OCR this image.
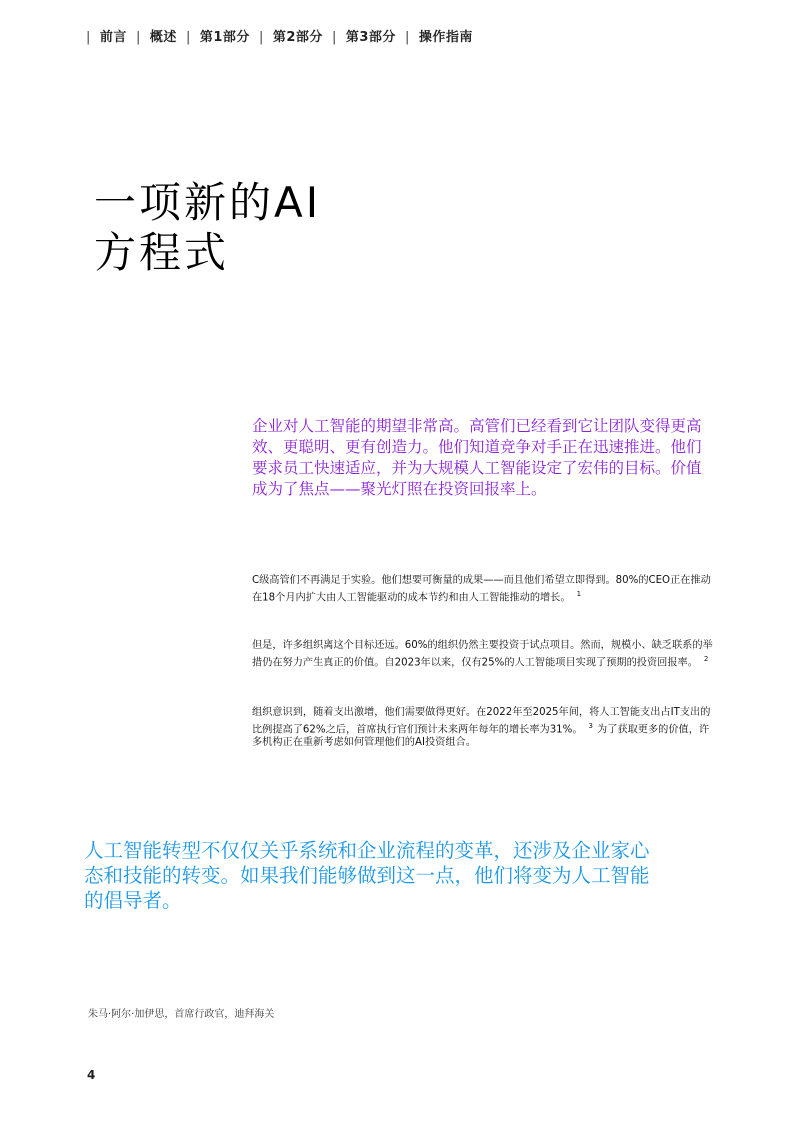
| 前言 | 概述 | 第1部分 | 第2部分 | 第3部分 | 操作指南
一项新的AI
方程式

企业对人工智能的期望非常高。高管们已经看到它让团队变得更高效、更聪明、更有创造力。他们知道竞争对手正在迅速推进。他们要求员工快速适应，并为大规模人工智能设定了宏伟的目标。价值成为了焦点——聚光灯照在投资回报率上。

C级高管们不再满足于实验。他们想要可衡量的成果——而且他们希望立即得到。80%的CEO正在推动在18个月内扩大由人工智能驱动的成本节约和由人工智能推动的增长。 $^1$

但是，许多组织离这个目标还远。60%的组织仍然主要投资于试点项目。然而，规模小、缺乏联系的举措仍在努力产生真正的价值。自2023年以来，仅有25%的人工智能项目实现了预期的投资回报率。 $^2$

组织意识到，随着支出激增，他们需要做得更好。在2022年至2025年间，将人工智能支出占IT支出的比例提高了62%之后，首席执行官们预计未来两年每年的增长率为31%。 $^3$ 为了获取更多的价值，许多机构正在重新考虑如何管理他们的AI投资组合。

人工智能转型不仅仅关乎系统和企业流程的变革，还涉及企业家心态和技能的转变。如果我们能够做到这一点，他们将变为人工智能的倡导者。
朱马·阿尔·加伊思，首席行政官，迪拜海关
4
